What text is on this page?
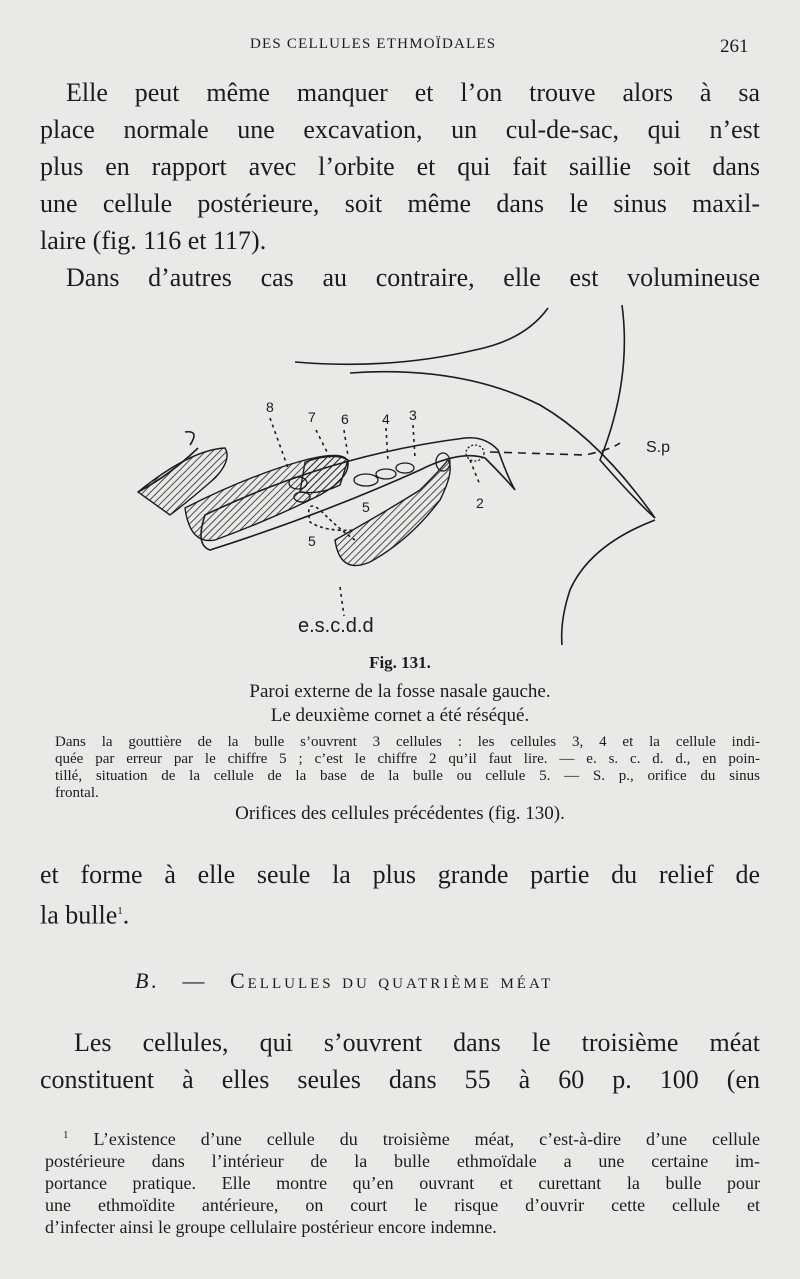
DES CELLULES ETHMOÏDALES	261

Elle peut même manquer et l’on trouve alors à sa
place normale une excavation, un cul-de-sac, qui n’est
plus en rapport avec l’orbite et qui fait saillie soit dans
une cellule postérieure, soit même dans le sinus maxil-
laire (fig. 116 et 117).

Dans d’autres cas au contraire, elle est volumineuse

8
7 6 4 3
5
5
2
S.p
e.s.c.d.d
Fig. 131.
Paroi externe de la fosse nasale gauche.
Le deuxième cornet a été réséqué.
Dans la gouttière de la bulle s’ouvrent 3 cellules : les cellules 3, 4 et la cellule indi-
quée par erreur par le chiffre 5 ; c’est le chiffre 2 qu’il faut lire. — e. s. c. d. d., en poin-
tillé, situation de la cellule de la base de la bulle ou cellule 5. — S. p., orifice du sinus
frontal.
Orifices des cellules précédentes (fig. 130).

et forme à elle seule la plus grande partie du relief de
la bulle$^1$.

B. — Cellules du quatrième méat

Les cellules, qui s’ouvrent dans le troisième méat
constituent à elles seules dans 55 à 60 p. 100 (en

$^1$ L’existence d’une cellule du troisième méat, c’est-à-dire d’une cellule
postérieure dans l’intérieur de la bulle ethmoïdale a une certaine im-
portance pratique. Elle montre qu’en ouvrant et curettant la bulle pour
une ethmoïdite antérieure, on court le risque d’ouvrir cette cellule et
d’infecter ainsi le groupe cellulaire postérieur encore indemne.
